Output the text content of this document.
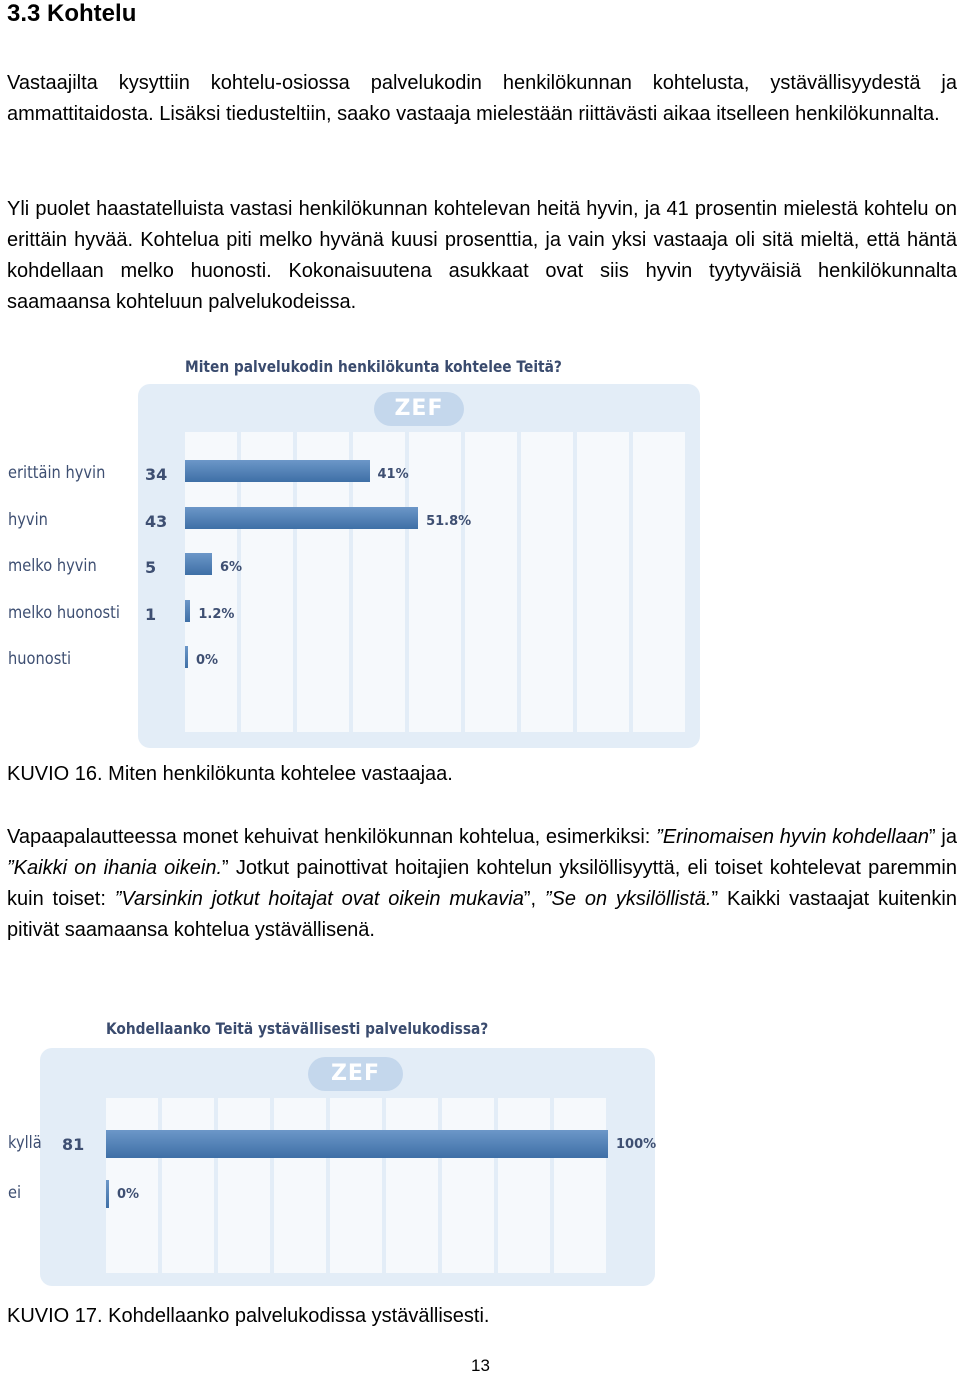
3.3 Kohtelu
Vastaajilta kysyttiin kohtelu-osiossa palvelukodin henkilökunnan kohtelusta, ystävällisyydestä ja ammattitaidosta. Lisäksi tiedusteltiin, saako vastaaja mielestään riittävästi aikaa itselleen henkilökunnalta.
Yli puolet haastatelluista vastasi henkilökunnan kohtelevan heitä hyvin, ja 41 prosentin mielestä kohtelu on erittäin hyvää. Kohtelua piti melko hyvänä kuusi prosenttia, ja vain yksi vastaaja oli sitä mieltä, että häntä kohdellaan melko huonosti. Kokonaisuutena asukkaat ovat siis hyvin tyytyväisiä henkilökunnalta saamaansa kohteluun palvelukodeissa.
Miten palvelukodin henkilökunta kohtelee Teitä?
ZEF
erittäin hyvin 34	41%
hyvin	43	51.8%
melko hyvin	5	6%
melko huonosti 1	1.2%
huonosti	0%
KUVIO 16. Miten henkilökunta kohtelee vastaajaa.
Vapaapalautteessa monet kehuivat henkilökunnan kohtelua, esimerkiksi: ”Erinomaisen hyvin kohdellaan” ja ”Kaikki on ihania oikein.” Jotkut painottivat hoitajien kohtelun yksilöllisyyttä, eli toiset kohtelevat paremmin kuin toiset: ”Varsinkin jotkut hoitajat ovat oikein mukavia”, ”Se on yksilöllistä.” Kaikki vastaajat kuitenkin pitivät saamaansa kohtelua ystävällisenä.
Kohdellaanko Teitä ystävällisesti palvelukodissa?
ZEF
kyllä 81	100%
ei	0%
KUVIO 17. Kohdellaanko palvelukodissa ystävällisesti.
13
